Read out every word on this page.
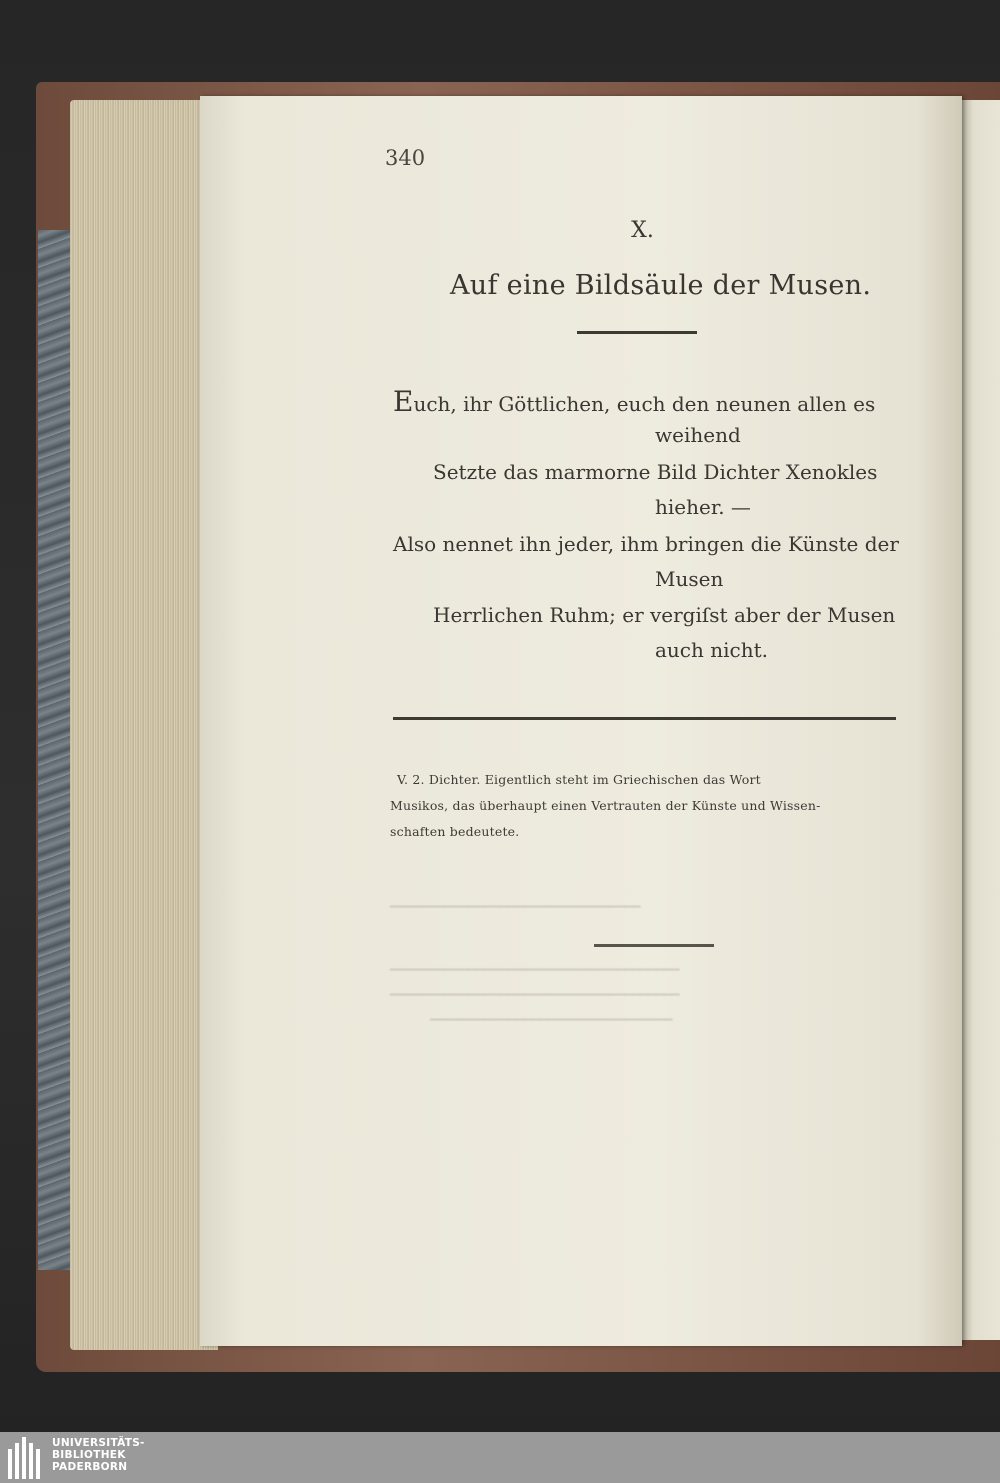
340
X.
Auf eine Bildsäule der Musen.
Euch, ihr Göttlichen, euch den neunen allen es
weihend
Setzte das marmorne Bild Dichter Xenokles
hieher. —
Also nennet ihn jeder, ihm bringen die Künste der
Musen
Herrlichen Ruhm; er vergiſst aber der Musen
auch nicht.
V. 2. Dichter. Eigentlich steht im Griechischen das Wort
Musikos, das überhaupt einen Vertrauten der Künste und Wissen-
schaften bedeutete.
━━━━━━━━━━━━━━━━━━━━━━━━━━━━━━━━
━━━━━━━━━━━━━━━━━━━━━━━━━━━━━━━━━━━━━
━━━━━━━━━━━━━━━━━━━━━━━━━━━━━━━━━━━━━
━━━━━━━━━━━━━━━━━━━━━━━━━━━━━━━
UNIVERSITÄTS-
BIBLIOTHEK
PADERBORN
